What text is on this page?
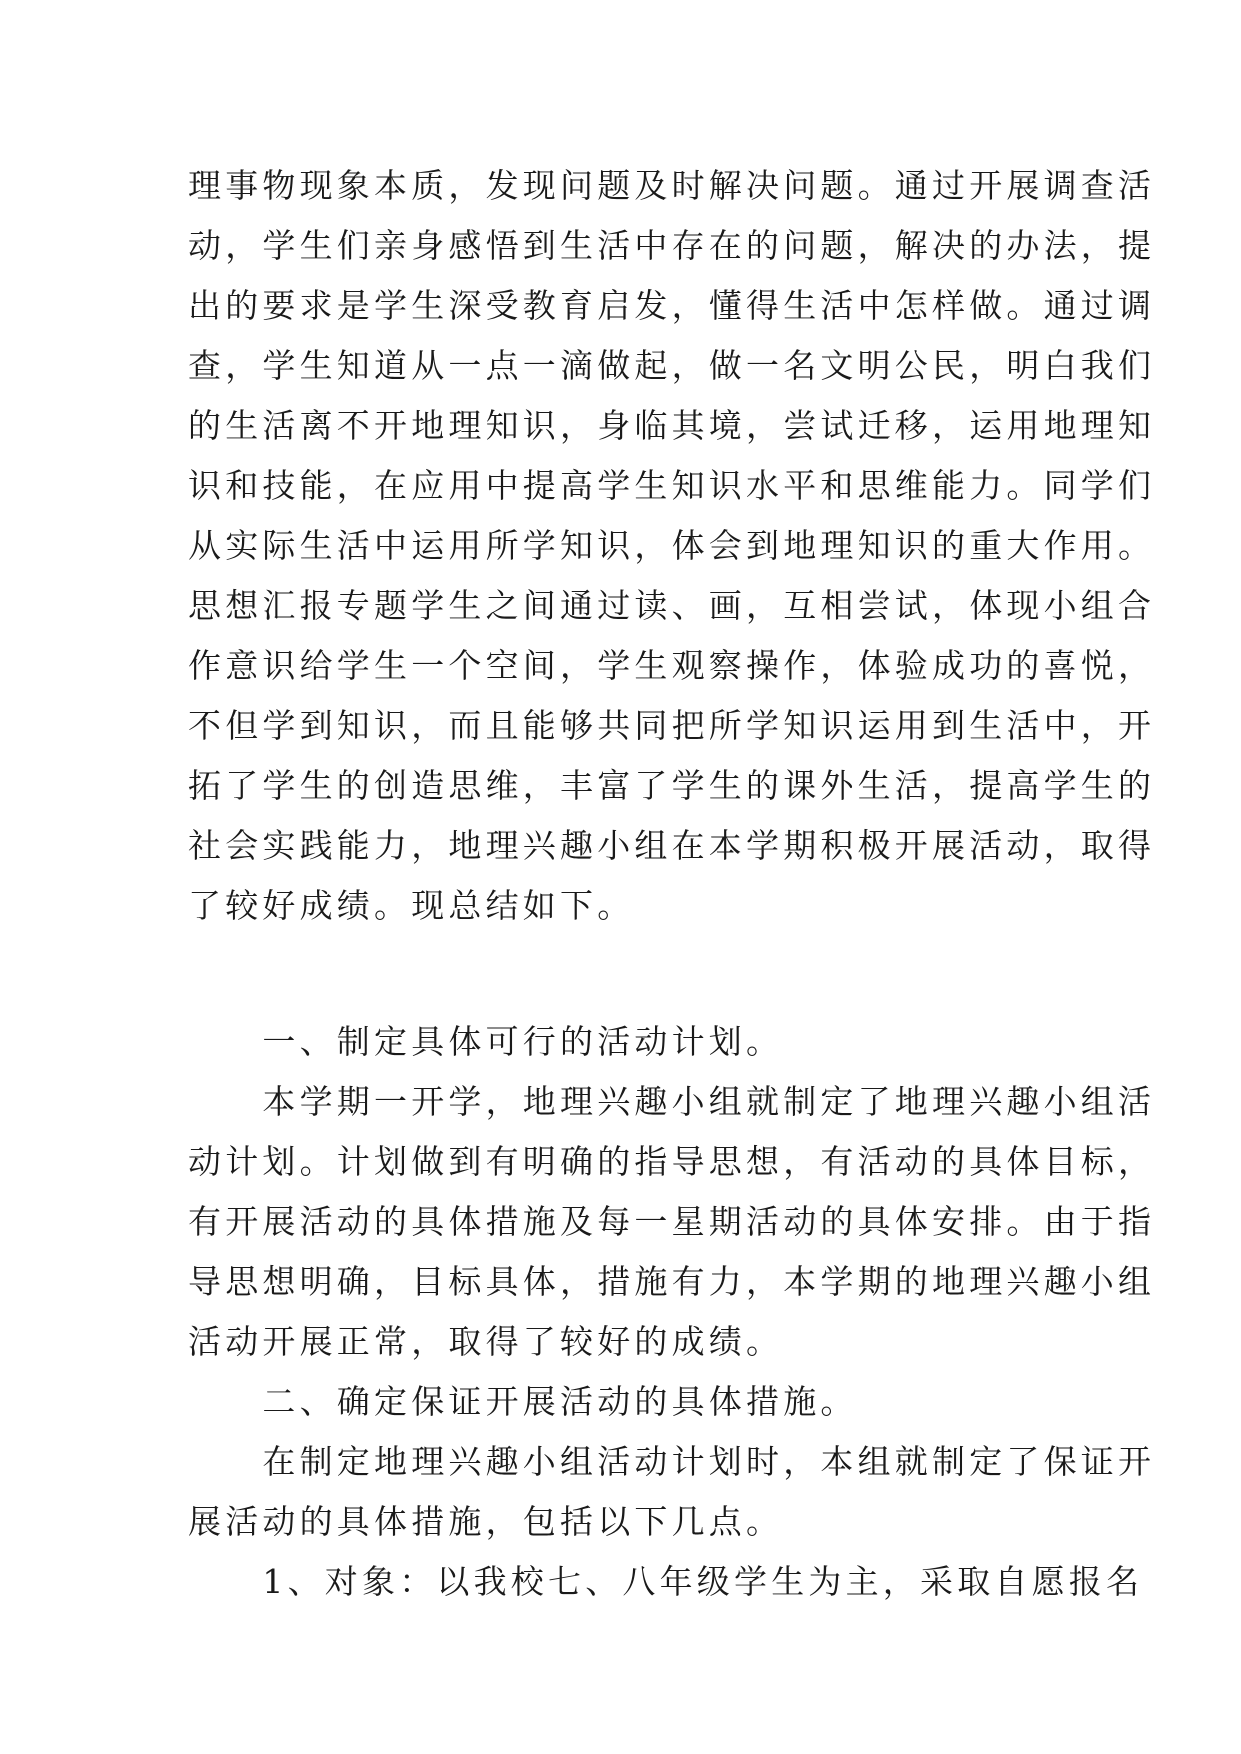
理事物现象本质，发现问题及时解决问题。通过开展调查活
动，学生们亲身感悟到生活中存在的问题，解决的办法，提
出的要求是学生深受教育启发，懂得生活中怎样做。通过调
查，学生知道从一点一滴做起，做一名文明公民，明白我们
的生活离不开地理知识，身临其境，尝试迁移，运用地理知
识和技能，在应用中提高学生知识水平和思维能力。同学们
从实际生活中运用所学知识，体会到地理知识的重大作用。
思想汇报专题学生之间通过读、画，互相尝试，体现小组合
作意识给学生一个空间，学生观察操作，体验成功的喜悦，
不但学到知识，而且能够共同把所学知识运用到生活中，开
拓了学生的创造思维，丰富了学生的课外生活，提高学生的
社会实践能力，地理兴趣小组在本学期积极开展活动，取得
了较好成绩。现总结如下。
　　一、制定具体可行的活动计划。
　　本学期一开学，地理兴趣小组就制定了地理兴趣小组活
动计划。计划做到有明确的指导思想，有活动的具体目标，
有开展活动的具体措施及每一星期活动的具体安排。由于指
导思想明确，目标具体，措施有力，本学期的地理兴趣小组
活动开展正常，取得了较好的成绩。
　　二、确定保证开展活动的具体措施。
　　在制定地理兴趣小组活动计划时，本组就制定了保证开
展活动的具体措施，包括以下几点。
　　1、对象：以我校七、八年级学生为主，采取自愿报名
